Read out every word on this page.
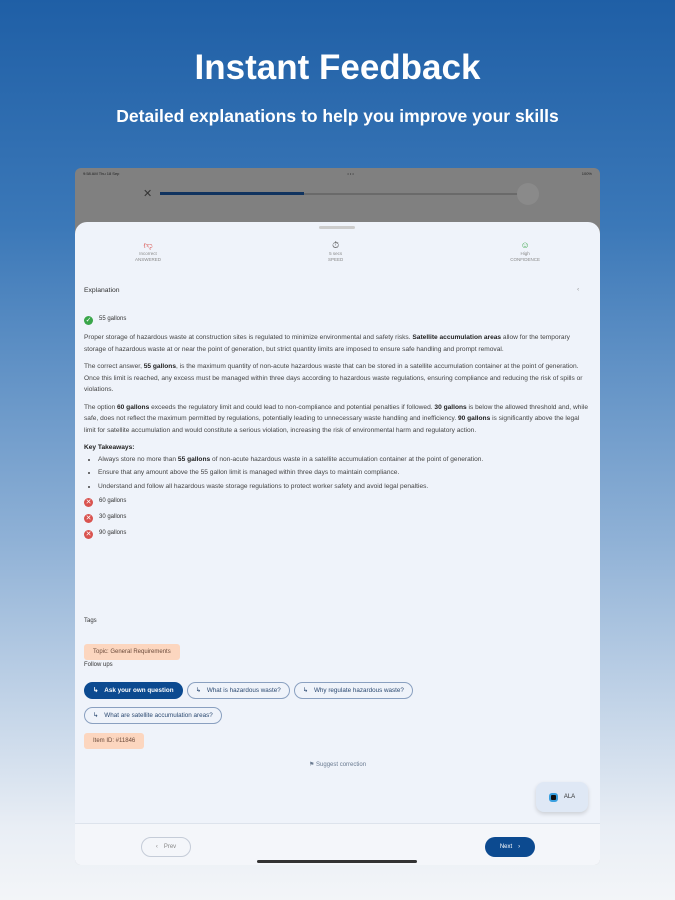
Instant Feedback
Detailed explanations to help you improve your skills
9:58 AM Thu 18 Sep	• • •	100%
✕
👎︎
Incorrect
ANSWERED
⏱︎
5 secs
SPEED
☺︎
High
CONFIDENCE
Explanation	‹
✓ 55 gallons

Proper storage of hazardous waste at construction sites is regulated to minimize environmental and safety risks. Satellite accumulation areas allow for the temporary storage of hazardous waste at or near the point of generation, but strict quantity limits are imposed to ensure safe handling and prompt removal.

The correct answer, 55 gallons, is the maximum quantity of non-acute hazardous waste that can be stored in a satellite accumulation container at the point of generation. Once this limit is reached, any excess must be managed within three days according to hazardous waste regulations, ensuring compliance and reducing the risk of spills or violations.

The option 60 gallons exceeds the regulatory limit and could lead to non-compliance and potential penalties if followed. 30 gallons is below the allowed threshold and, while safe, does not reflect the maximum permitted by regulations, potentially leading to unnecessary waste handling and inefficiency. 90 gallons is significantly above the legal limit for satellite accumulation and would constitute a serious violation, increasing the risk of environmental harm and regulatory action.

Key Takeaways:
• Always store no more than 55 gallons of non-acute hazardous waste in a satellite accumulation container at the point of generation.
• Ensure that any amount above the 55 gallon limit is managed within three days to maintain compliance.
• Understand and follow all hazardous waste storage regulations to protect worker safety and avoid legal penalties.
✕ 60 gallons
✕ 30 gallons
✕ 90 gallons
Tags
Topic: General Requirements
Follow ups
↳ Ask your own question	↳ What is hazardous waste?	↳ Why regulate hazardous waste?
↳ What are satellite accumulation areas?
Item ID: #11846
⚑ Suggest correction
ALA
‹ Prev	Next ›
